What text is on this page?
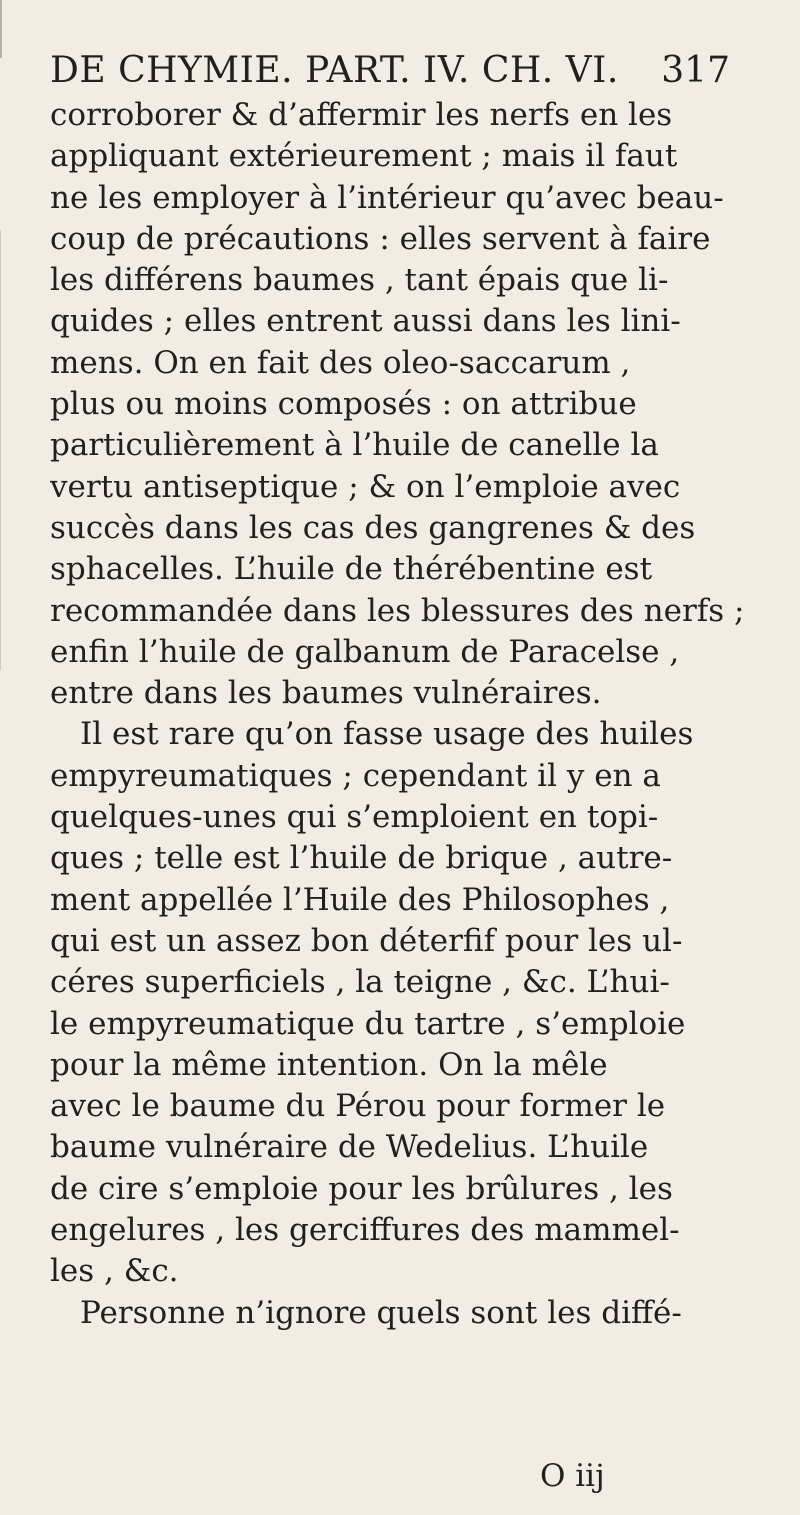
DE CHYMIE. PART. IV. CH. VI. 317
corroborer & d’affermir les nerfs en les
appliquant extérieurement ; mais il faut
ne les employer à l’intérieur qu’avec beau-
coup de précautions : elles servent à faire
les différens baumes , tant épais que li-
quides ; elles entrent aussi dans les lini-
mens. On en fait des oleo-saccarum ,
plus ou moins composés : on attribue
particulièrement à l’huile de canelle la
vertu antiseptique ; & on l’emploie avec
succès dans les cas des gangrenes & des
sphacelles. L’huile de thérébentine est
recommandée dans les blessures des nerfs ;
enfin l’huile de galbanum de Paracelse ,
entre dans les baumes vulnéraires.
Il est rare qu’on fasse usage des huiles
empyreumatiques ; cependant il y en a
quelques-unes qui s’emploient en topi-
ques ; telle est l’huile de brique , autre-
ment appellée l’Huile des Philosophes ,
qui est un assez bon déterfif pour les ul-
céres superficiels , la teigne , &c. L’hui-
le empyreumatique du tartre , s’emploie
pour la même intention. On la mêle
avec le baume du Pérou pour former le
baume vulnéraire de Wedelius. L’huile
de cire s’emploie pour les brûlures , les
engelures , les gerciffures des mammel-
les , &c.
Personne n’ignore quels sont les diffé-
O iij
